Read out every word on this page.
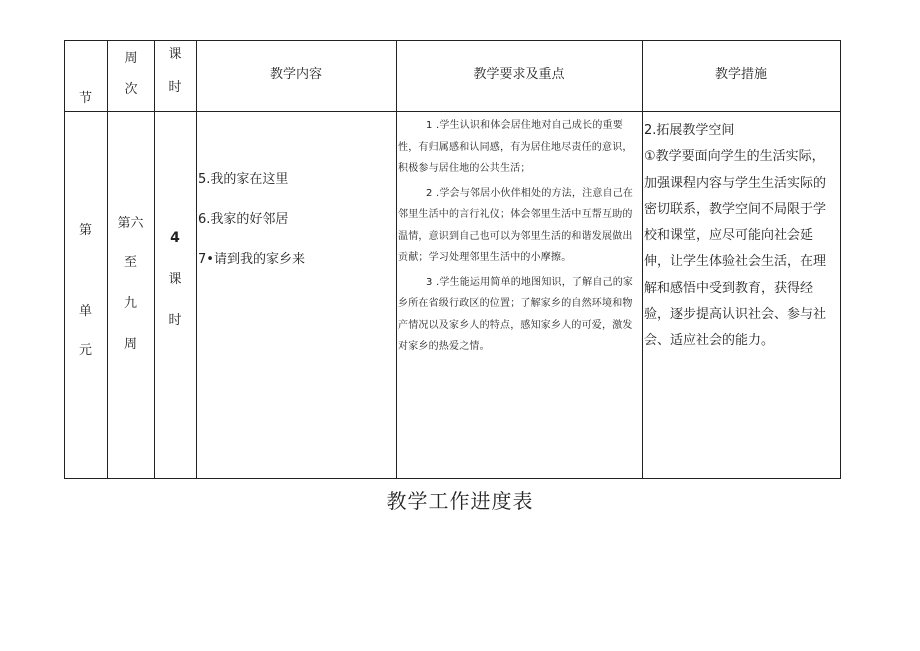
节
周
次
课
时
教学内容	教学要求及重点	教学措施
第
单
元
第六
至
九
周
4
课
时

5.我的家在这里

6.我家的好邻居

7•请到我的家乡来

1 .学生认识和体会居住地对自己成长的重要性，有归属感和认同感，有为居住地尽责任的意识，积极参与居住地的公共生活；

2 .学会与邻居小伙伴相处的方法，注意自己在邻里生活中的言行礼仪；体会邻里生活中互帮互助的温情，意识到自己也可以为邻里生活的和谐发展做出贡献；学习处理邻里生活中的小摩擦。

3 .学生能运用简单的地图知识，了解自己的家乡所在省级行政区的位置；了解家乡的自然环境和物产情况以及家乡人的特点，感知家乡人的可爱，激发对家乡的热爱之情。

2.拓展教学空间

①教学要面向学生的生活实际，加强课程内容与学生生活实际的密切联系，教学空间不局限于学校和课堂，应尽可能向社会延伸，让学生体验社会生活，在理解和感悟中受到教育，获得经验，逐步提高认识社会、参与社会、适应社会的能力。

教学工作进度表
